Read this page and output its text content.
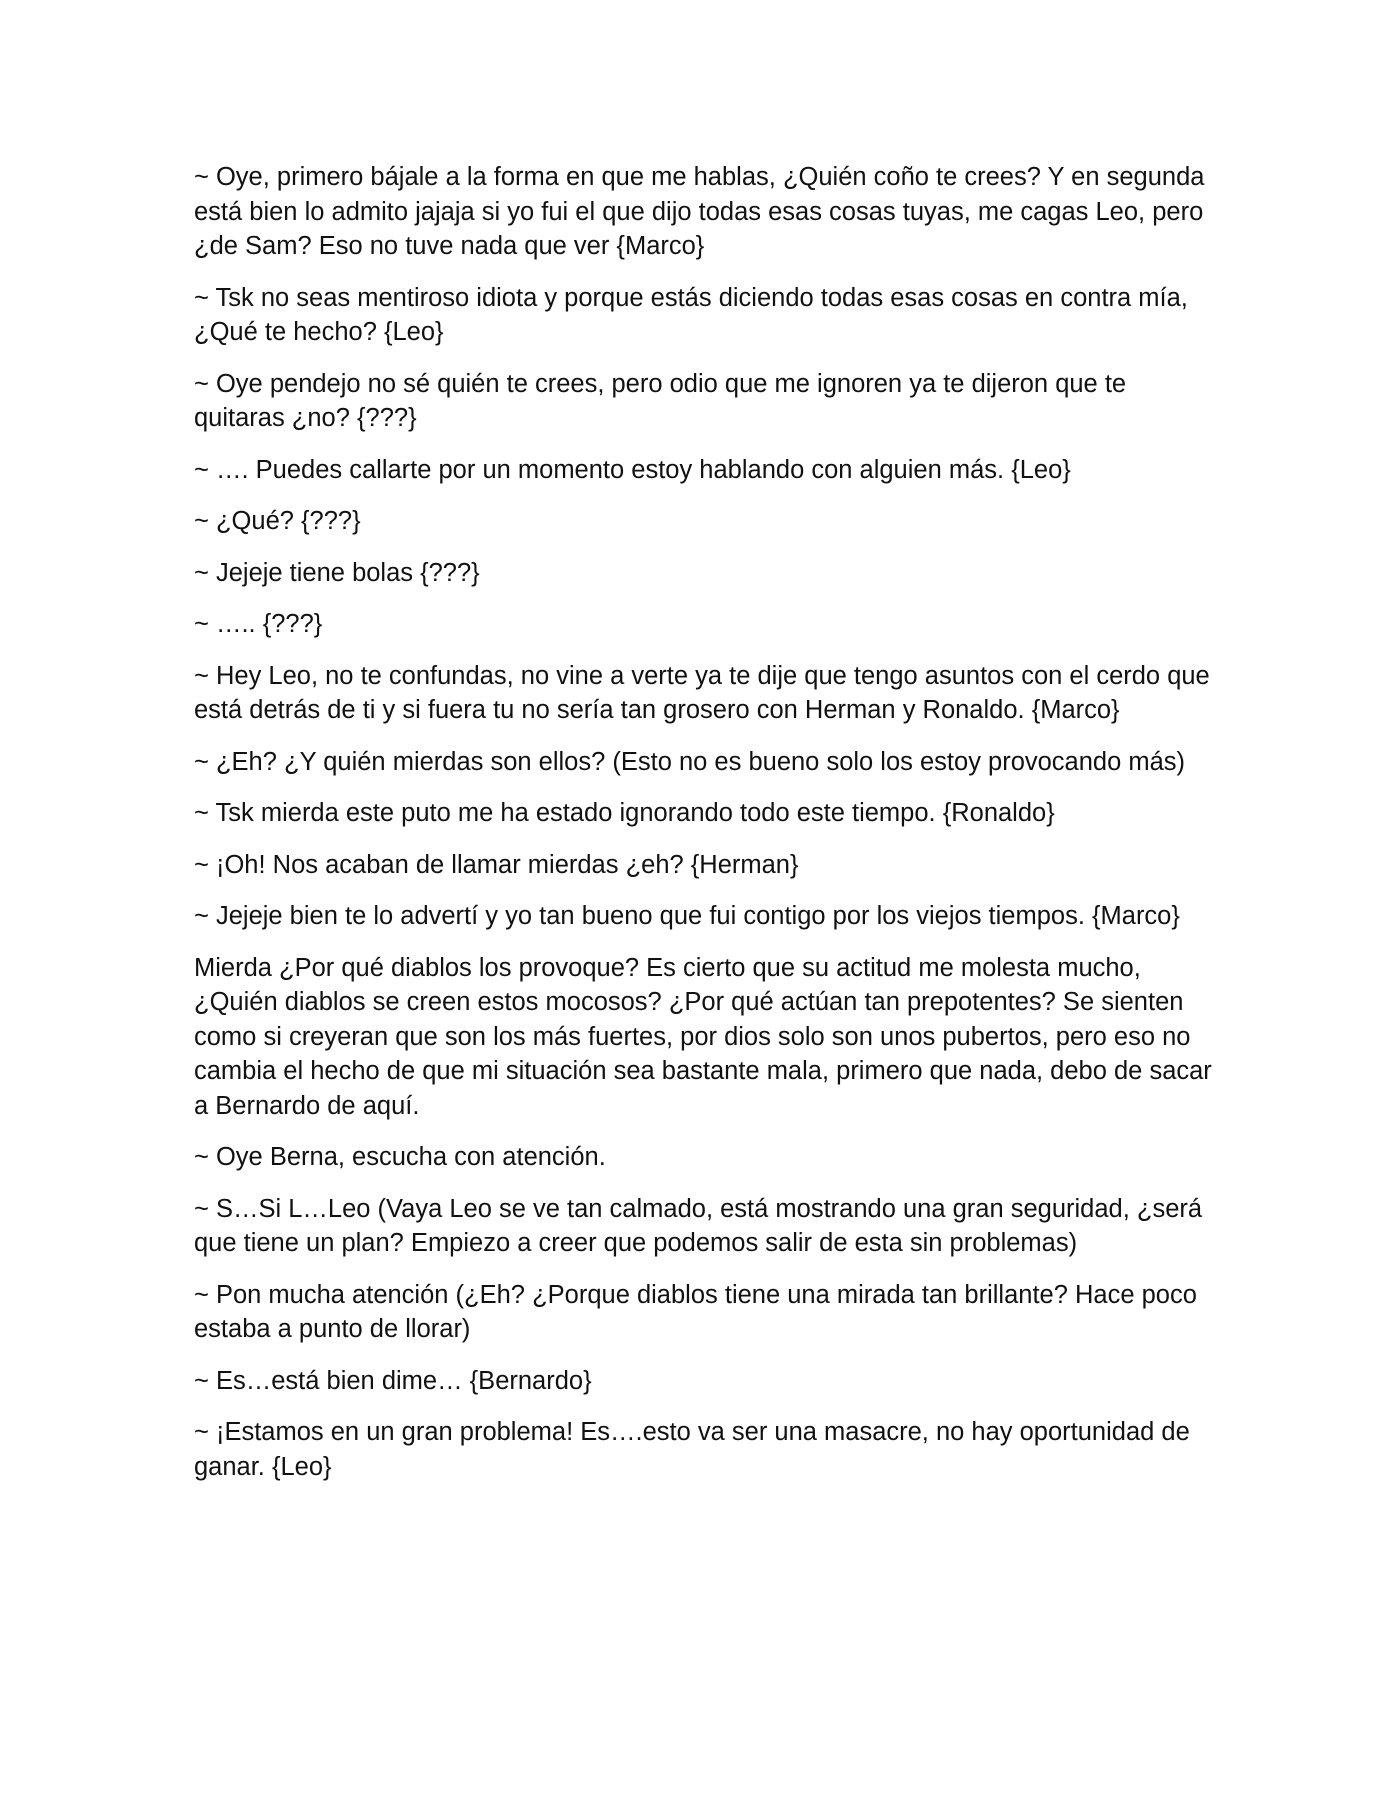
~ Oye, primero bájale a la forma en que me hablas, ¿Quién coño te crees? Y en segunda está bien lo admito jajaja si yo fui el que dijo todas esas cosas tuyas, me cagas Leo, pero ¿de Sam? Eso no tuve nada que ver {Marco}

~ Tsk no seas mentiroso idiota y porque estás diciendo todas esas cosas en contra mía, ¿Qué te hecho? {Leo}

~ Oye pendejo no sé quién te crees, pero odio que me ignoren ya te dijeron que te quitaras ¿no? {???}

~ …. Puedes callarte por un momento estoy hablando con alguien más. {Leo}

~ ¿Qué? {???}

~ Jejeje tiene bolas {???}

~ ….. {???}

~ Hey Leo, no te confundas, no vine a verte ya te dije que tengo asuntos con el cerdo que está detrás de ti y si fuera tu no sería tan grosero con Herman y Ronaldo. {Marco}

~ ¿Eh? ¿Y quién mierdas son ellos? (Esto no es bueno solo los estoy provocando más)

~ Tsk mierda este puto me ha estado ignorando todo este tiempo. {Ronaldo}

~ ¡Oh! Nos acaban de llamar mierdas ¿eh? {Herman}

~ Jejeje bien te lo advertí y yo tan bueno que fui contigo por los viejos tiempos. {Marco}

Mierda ¿Por qué diablos los provoque? Es cierto que su actitud me molesta mucho, ¿Quién diablos se creen estos mocosos? ¿Por qué actúan tan prepotentes? Se sienten como si creyeran que son los más fuertes, por dios solo son unos pubertos, pero eso no cambia el hecho de que mi situación sea bastante mala, primero que nada, debo de sacar a Bernardo de aquí.

~ Oye Berna, escucha con atención.

~ S…Si L…Leo (Vaya Leo se ve tan calmado, está mostrando una gran seguridad, ¿será que tiene un plan? Empiezo a creer que podemos salir de esta sin problemas)

~ Pon mucha atención (¿Eh? ¿Porque diablos tiene una mirada tan brillante? Hace poco estaba a punto de llorar)

~ Es…está bien dime… {Bernardo}

~ ¡Estamos en un gran problema! Es….esto va ser una masacre, no hay oportunidad de ganar. {Leo}
